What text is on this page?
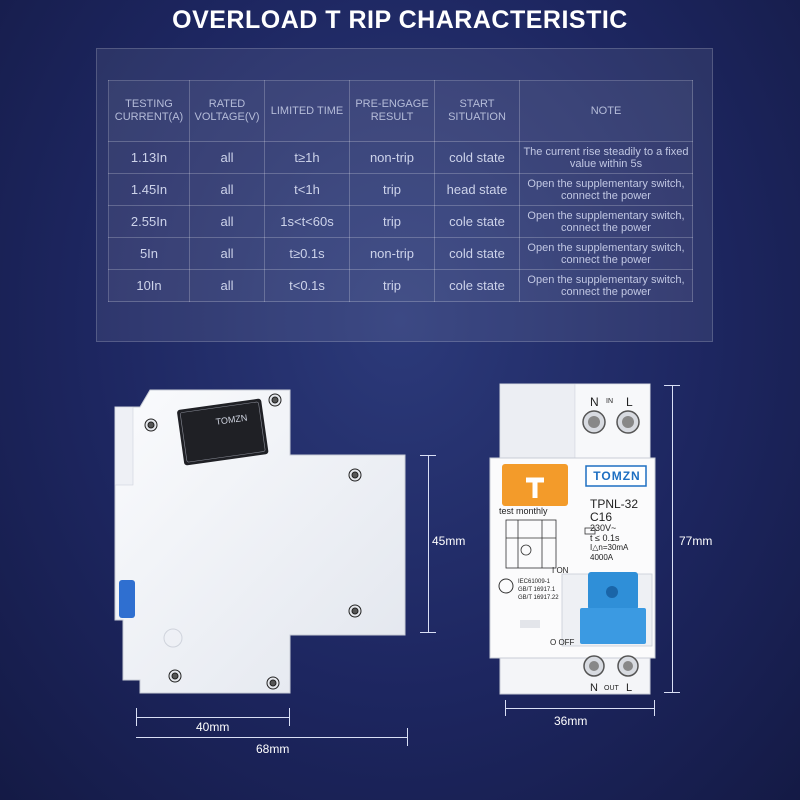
OVERLOAD T RIP CHARACTERISTIC
TESTING CURRENT(A)	RATED VOLTAGE(V)	LIMITED TIME	PRE-ENGAGE RESULT	START SITUATION	NOTE
1.13In	all	t≥1h	non-trip	cold state	The current rise steadily to a fixed value within 5s
1.45In	all	t<1h	trip	head state	Open the supplementary switch, connect the power
2.55In	all	1s<t<60s	trip	cole state	Open the supplementary switch, connect the power
5In	all	t≥0.1s	non-trip	cold state	Open the supplementary switch, connect the power
10In	all	t<0.1s	trip	cole state	Open the supplementary switch, connect the power
TOMZN
45mm
40mm
68mm
N IN L
TOMZN
TPNL-32
C16
230V~
t ≤ 0.1s
I△n=30mA
4000A
test monthly
I ON
IEC61009-1
GB/T 16917.1
GB/T 16917.22
O OFF
N OUT L
77mm
36mm
